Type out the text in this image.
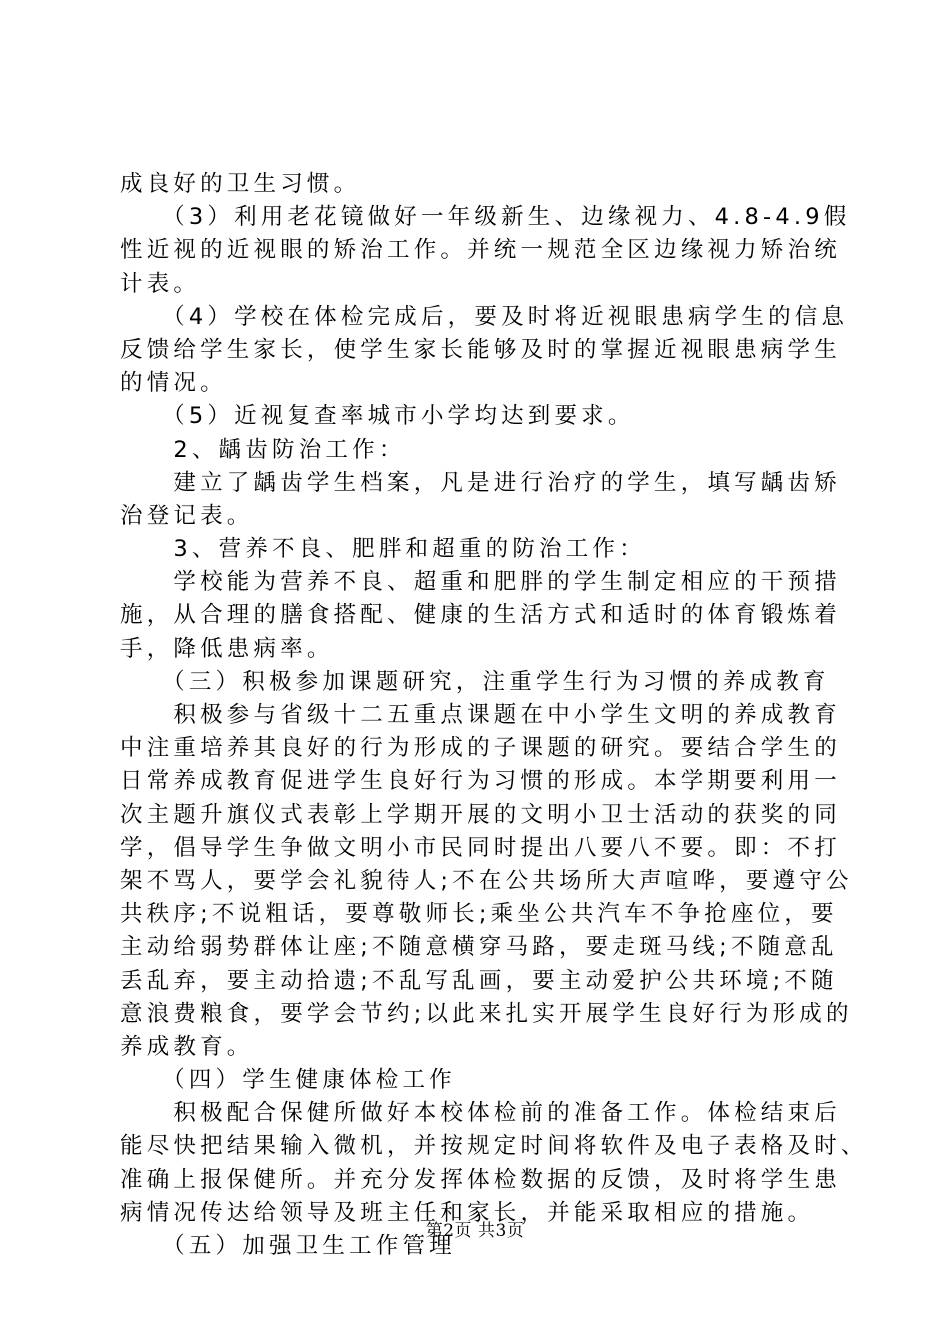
成良好的卫生习惯。
　　（3）利用老花镜做好一年级新生、边缘视力、4.8-4.9假
性近视的近视眼的矫治工作。并统一规范全区边缘视力矫治统
计表。
　　（4）学校在体检完成后，要及时将近视眼患病学生的信息
反馈给学生家长，使学生家长能够及时的掌握近视眼患病学生
的情况。
　　（5）近视复查率城市小学均达到要求。
　　2、龋齿防治工作：
　　建立了龋齿学生档案，凡是进行治疗的学生，填写龋齿矫
治登记表。
　　3、营养不良、肥胖和超重的防治工作：
　　学校能为营养不良、超重和肥胖的学生制定相应的干预措
施，从合理的膳食搭配、健康的生活方式和适时的体育锻炼着
手，降低患病率。
　　（三）积极参加课题研究，注重学生行为习惯的养成教育
　　积极参与省级十二五重点课题在中小学生文明的养成教育
中注重培养其良好的行为形成的子课题的研究。要结合学生的
日常养成教育促进学生良好行为习惯的形成。本学期要利用一
次主题升旗仪式表彰上学期开展的文明小卫士活动的获奖的同
学，倡导学生争做文明小市民同时提出八要八不要。即：不打
架不骂人，要学会礼貌待人;不在公共场所大声喧哗，要遵守公
共秩序;不说粗话，要尊敬师长;乘坐公共汽车不争抢座位，要
主动给弱势群体让座;不随意横穿马路，要走斑马线;不随意乱
丢乱弃，要主动拾遗;不乱写乱画，要主动爱护公共环境;不随
意浪费粮食，要学会节约;以此来扎实开展学生良好行为形成的
养成教育。
　　（四）学生健康体检工作
　　积极配合保健所做好本校体检前的准备工作。体检结束后
能尽快把结果输入微机，并按规定时间将软件及电子表格及时、
准确上报保健所。并充分发挥体检数据的反馈，及时将学生患
病情况传达给领导及班主任和家长，并能采取相应的措施。
　　（五）加强卫生工作管理
第2页 共3页
